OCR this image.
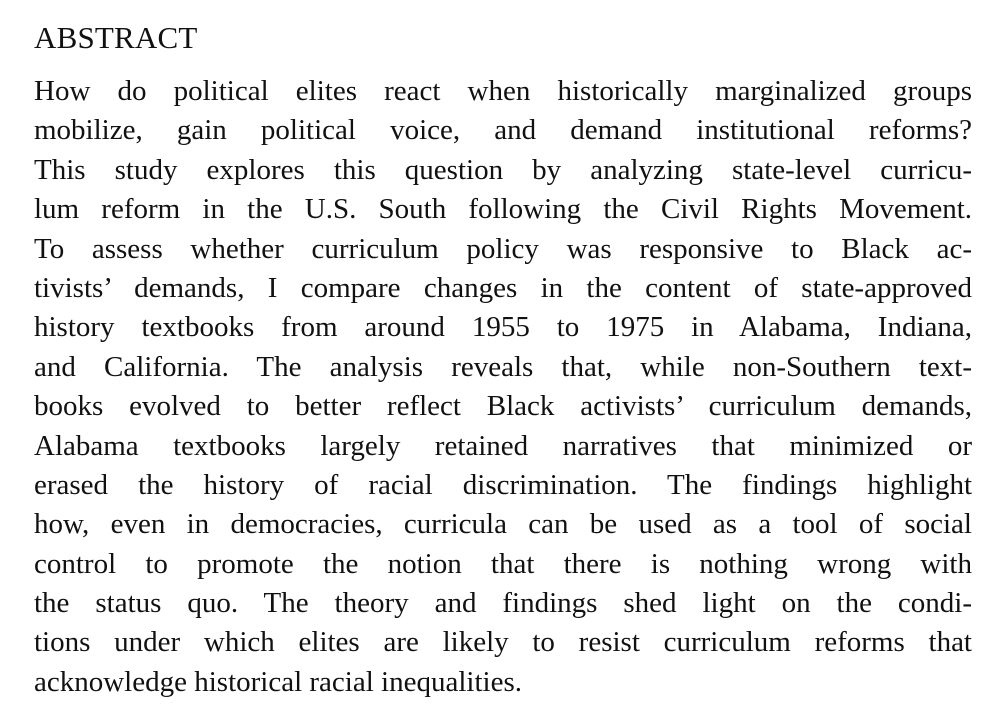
ABSTRACT
How do political elites react when historically marginalized groups
mobilize, gain political voice, and demand institutional reforms?
This study explores this question by analyzing state-level curricu-
lum reform in the U.S. South following the Civil Rights Movement.
To assess whether curriculum policy was responsive to Black ac-
tivists’ demands, I compare changes in the content of state-approved
history textbooks from around 1955 to 1975 in Alabama, Indiana,
and California. The analysis reveals that, while non-Southern text-
books evolved to better reflect Black activists’ curriculum demands,
Alabama textbooks largely retained narratives that minimized or
erased the history of racial discrimination. The findings highlight
how, even in democracies, curricula can be used as a tool of social
control to promote the notion that there is nothing wrong with
the status quo. The theory and findings shed light on the condi-
tions under which elites are likely to resist curriculum reforms that
acknowledge historical racial inequalities.
